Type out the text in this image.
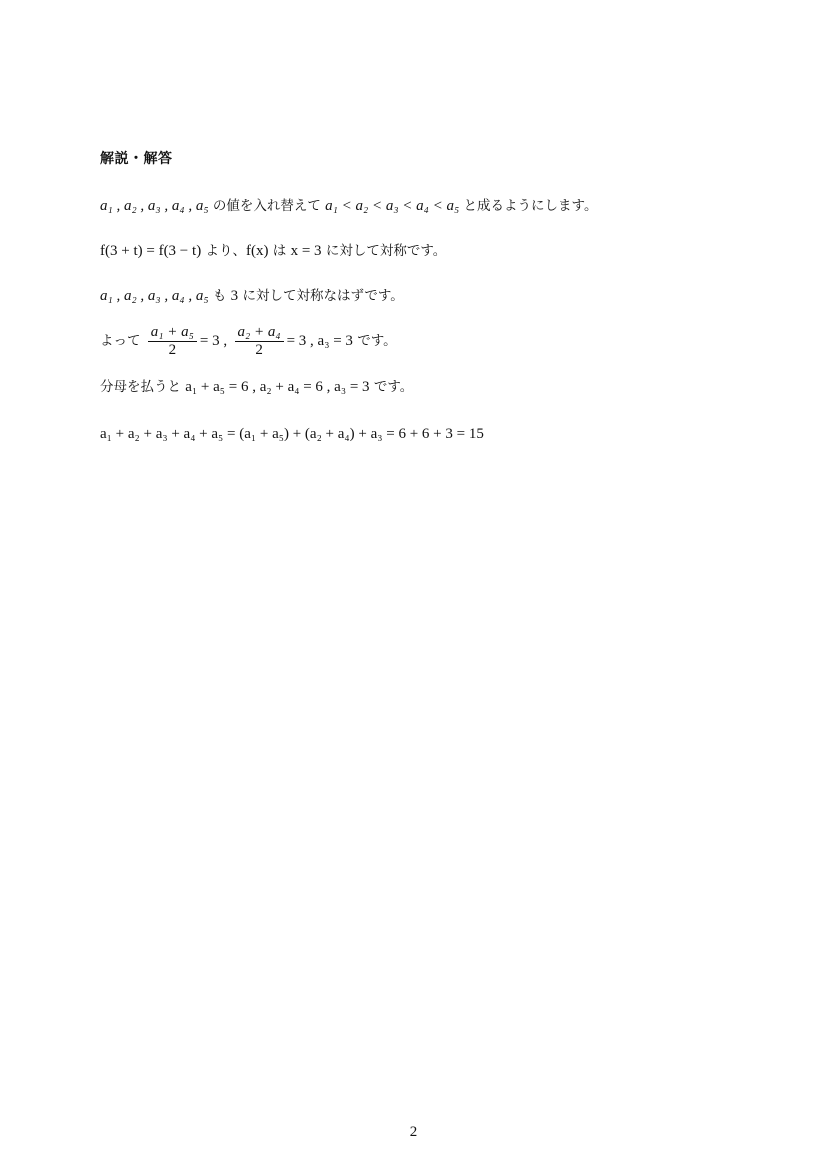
解説・解答
a₁ , a₂ , a₃ , a₄ , a₅ の値を入れ替えて a₁ < a₂ < a₃ < a₄ < a₅ と成るようにします。
f(3 + t) = f(3 − t) より、f(x) は x = 3 に対して対称です。
a₁ , a₂ , a₃ , a₄ , a₅ も 3 に対して対称なはずです。
よって $\frac{\text{a₁ + a₅}}{2} = 3$ , $\frac{\text{a₂ + a₄}}{2} = 3$ , a₃ = 3 です。
分母を払うと a₁ + a₅ = 6 , a₂ + a₄ = 6 , a₃ = 3 です。
a₁ + a₂ + a₃ + a₄ + a₅ = (a₁ + a₅) + (a₂ + a₄) + a₃ = 6 + 6 + 3 = 15
2
